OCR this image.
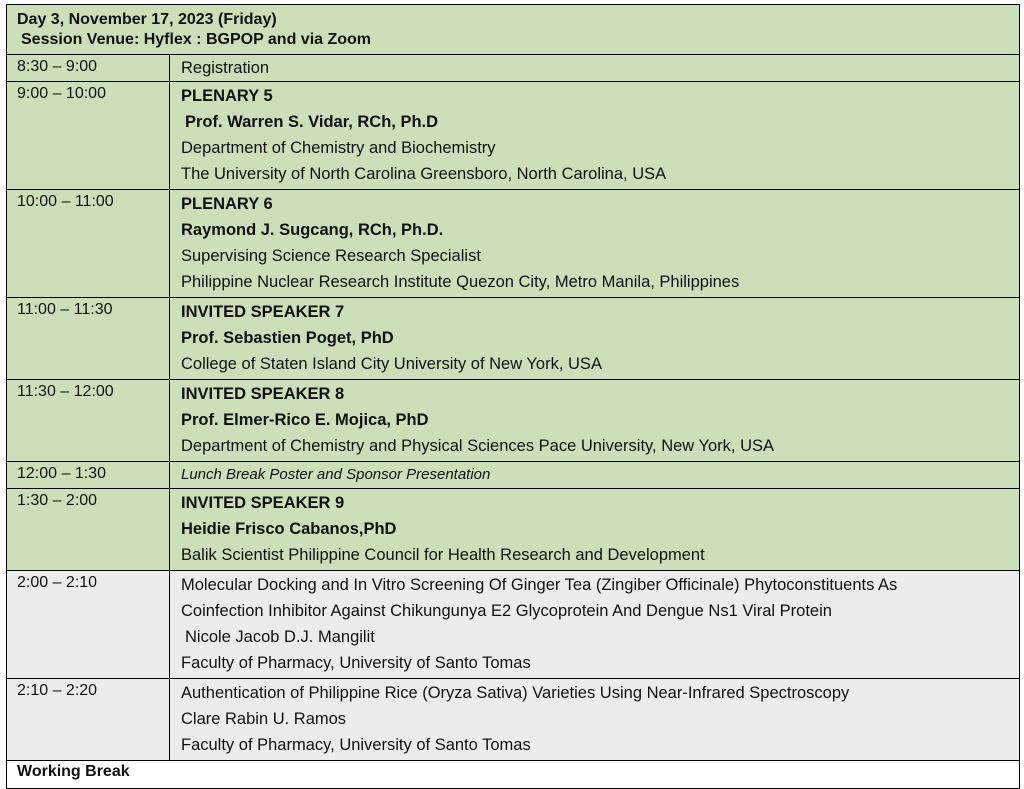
Day 3, November 17, 2023 (Friday)
Session Venue: Hyflex : BGPOP and via Zoom
8:30 – 9:00	Registration
9:00 – 10:00	PLENARY 5
Prof. Warren S. Vidar, RCh, Ph.D
Department of Chemistry and Biochemistry
The University of North Carolina Greensboro, North Carolina, USA
10:00 – 11:00	PLENARY 6
Raymond J. Sugcang, RCh, Ph.D.
Supervising Science Research Specialist
Philippine Nuclear Research Institute Quezon City, Metro Manila, Philippines
11:00 – 11:30	INVITED SPEAKER 7
Prof. Sebastien Poget, PhD
College of Staten Island City University of New York, USA
11:30 – 12:00	INVITED SPEAKER 8
Prof. Elmer-Rico E. Mojica, PhD
Department of Chemistry and Physical Sciences Pace University, New York, USA
12:00 – 1:30	Lunch Break Poster and Sponsor Presentation
1:30 – 2:00	INVITED SPEAKER 9
Heidie Frisco Cabanos,PhD
Balik Scientist Philippine Council for Health Research and Development
2:00 – 2:10	Molecular Docking and In Vitro Screening Of Ginger Tea (Zingiber Officinale) Phytoconstituents As
Coinfection Inhibitor Against Chikungunya E2 Glycoprotein And Dengue Ns1 Viral Protein
Nicole Jacob D.J. Mangilit
Faculty of Pharmacy, University of Santo Tomas
2:10 – 2:20	Authentication of Philippine Rice (Oryza Sativa) Varieties Using Near-Infrared Spectroscopy
Clare Rabin U. Ramos
Faculty of Pharmacy, University of Santo Tomas
Working Break
